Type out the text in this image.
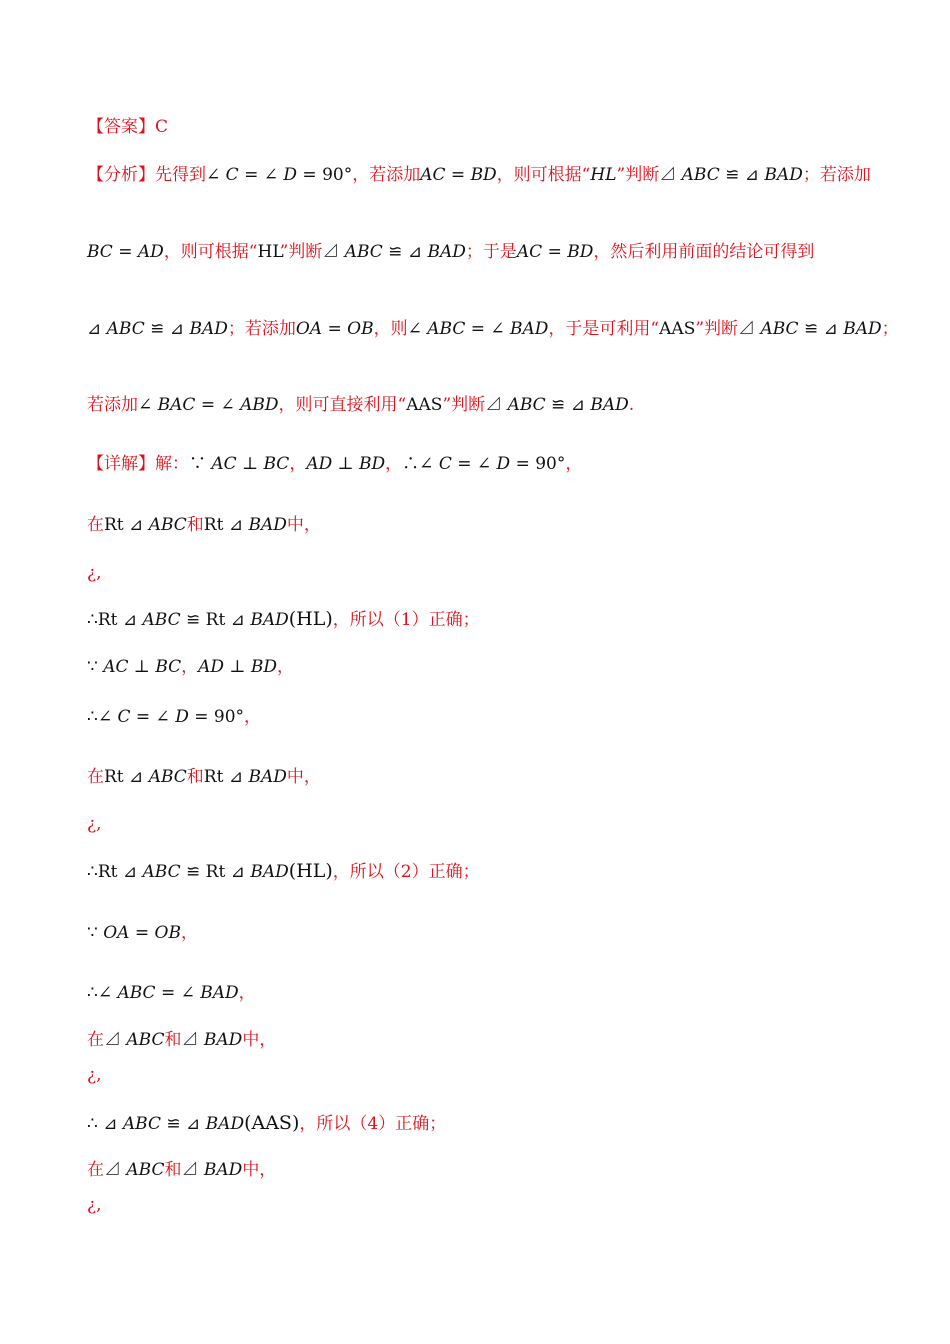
【答案】C
【分析】先得到∠ C = ∠ D = 90°，若添加AC = BD，则可根据“HL”判断⊿ ABC ≌ ⊿ BAD；若添加
BC = AD，则可根据“HL”判断⊿ ABC ≌ ⊿ BAD；于是AC = BD，然后利用前面的结论可得到
⊿ ABC ≌ ⊿ BAD；若添加OA = OB，则∠ ABC = ∠ BAD，于是可利用“AAS”判断⊿ ABC ≌ ⊿ BAD；
若添加∠ BAC = ∠ ABD，则可直接利用“AAS”判断⊿ ABC ≌ ⊿ BAD.
【详解】解：∵ AC ⊥ BC，AD ⊥ BD，∴∠ C = ∠ D = 90°，
在Rt ⊿ ABC和Rt ⊿ BAD中，
¿,
∴Rt ⊿ ABC ≌ Rt ⊿ BAD(HL)，所以（1）正确；
∵ AC ⊥ BC，AD ⊥ BD，
∴∠ C = ∠ D = 90°，
在Rt ⊿ ABC和Rt ⊿ BAD中，
¿,
∴Rt ⊿ ABC ≌ Rt ⊿ BAD(HL)，所以（2）正确；
∵ OA = OB，
∴∠ ABC = ∠ BAD，
在⊿ ABC和⊿ BAD中，
¿,
∴ ⊿ ABC ≌ ⊿ BAD(AAS)，所以（4）正确；
在⊿ ABC和⊿ BAD中，
¿,
